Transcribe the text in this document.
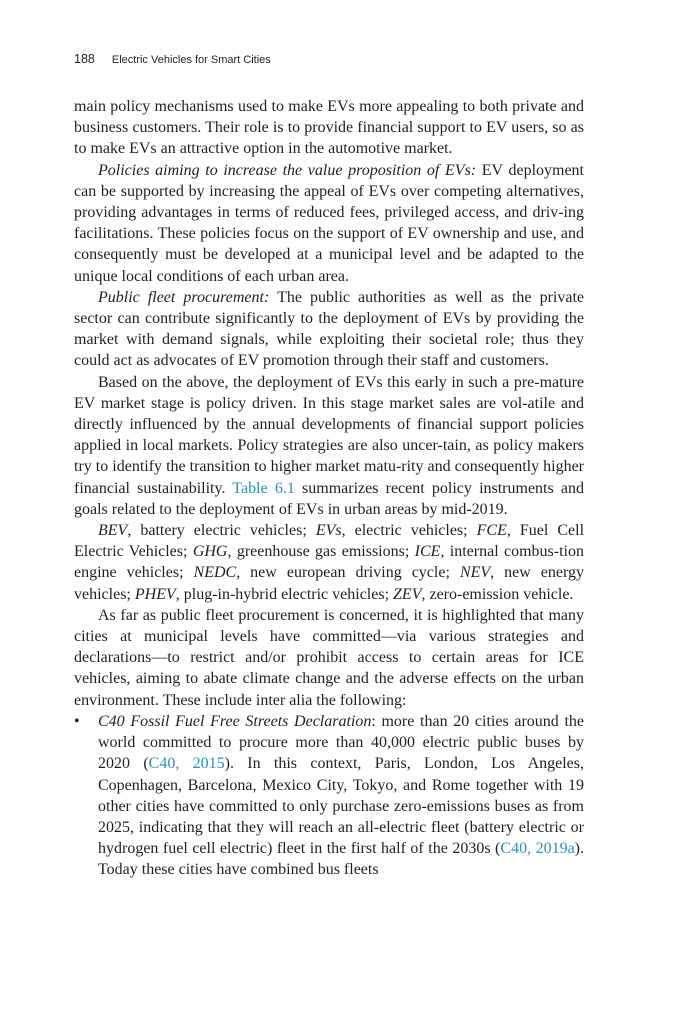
188 Electric Vehicles for Smart Cities

main policy mechanisms used to make EVs more appealing to both private and business customers. Their role is to provide financial support to EV users, so as to make EVs an attractive option in the automotive market.

Policies aiming to increase the value proposition of EVs: EV deployment can be supported by increasing the appeal of EVs over competing alternatives, providing advantages in terms of reduced fees, privileged access, and driv-ing facilitations. These policies focus on the support of EV ownership and use, and consequently must be developed at a municipal level and be adapted to the unique local conditions of each urban area.

Public fleet procurement: The public authorities as well as the private sector can contribute significantly to the deployment of EVs by providing the market with demand signals, while exploiting their societal role; thus they could act as advocates of EV promotion through their staff and customers.

Based on the above, the deployment of EVs this early in such a pre-mature EV market stage is policy driven. In this stage market sales are vol-atile and directly influenced by the annual developments of financial support policies applied in local markets. Policy strategies are also uncer-tain, as policy makers try to identify the transition to higher market matu-rity and consequently higher financial sustainability. Table 6.1 summarizes recent policy instruments and goals related to the deployment of EVs in urban areas by mid-2019.

BEV, battery electric vehicles; EVs, electric vehicles; FCE, Fuel Cell Electric Vehicles; GHG, greenhouse gas emissions; ICE, internal combus-tion engine vehicles; NEDC, new european driving cycle; NEV, new energy vehicles; PHEV, plug-in-hybrid electric vehicles; ZEV, zero-emission vehicle.

As far as public fleet procurement is concerned, it is highlighted that many cities at municipal levels have committed—via various strategies and declarations—to restrict and/or prohibit access to certain areas for ICE vehicles, aiming to abate climate change and the adverse effects on the urban environment. These include inter alia the following:

• C40 Fossil Fuel Free Streets Declaration: more than 20 cities around the world committed to procure more than 40,000 electric public buses by 2020 (C40, 2015). In this context, Paris, London, Los Angeles, Copenhagen, Barcelona, Mexico City, Tokyo, and Rome together with 19 other cities have committed to only purchase zero-emissions buses as from 2025, indicating that they will reach an all-electric fleet (battery electric or hydrogen fuel cell electric) fleet in the first half of the 2030s (C40, 2019a). Today these cities have combined bus fleets
